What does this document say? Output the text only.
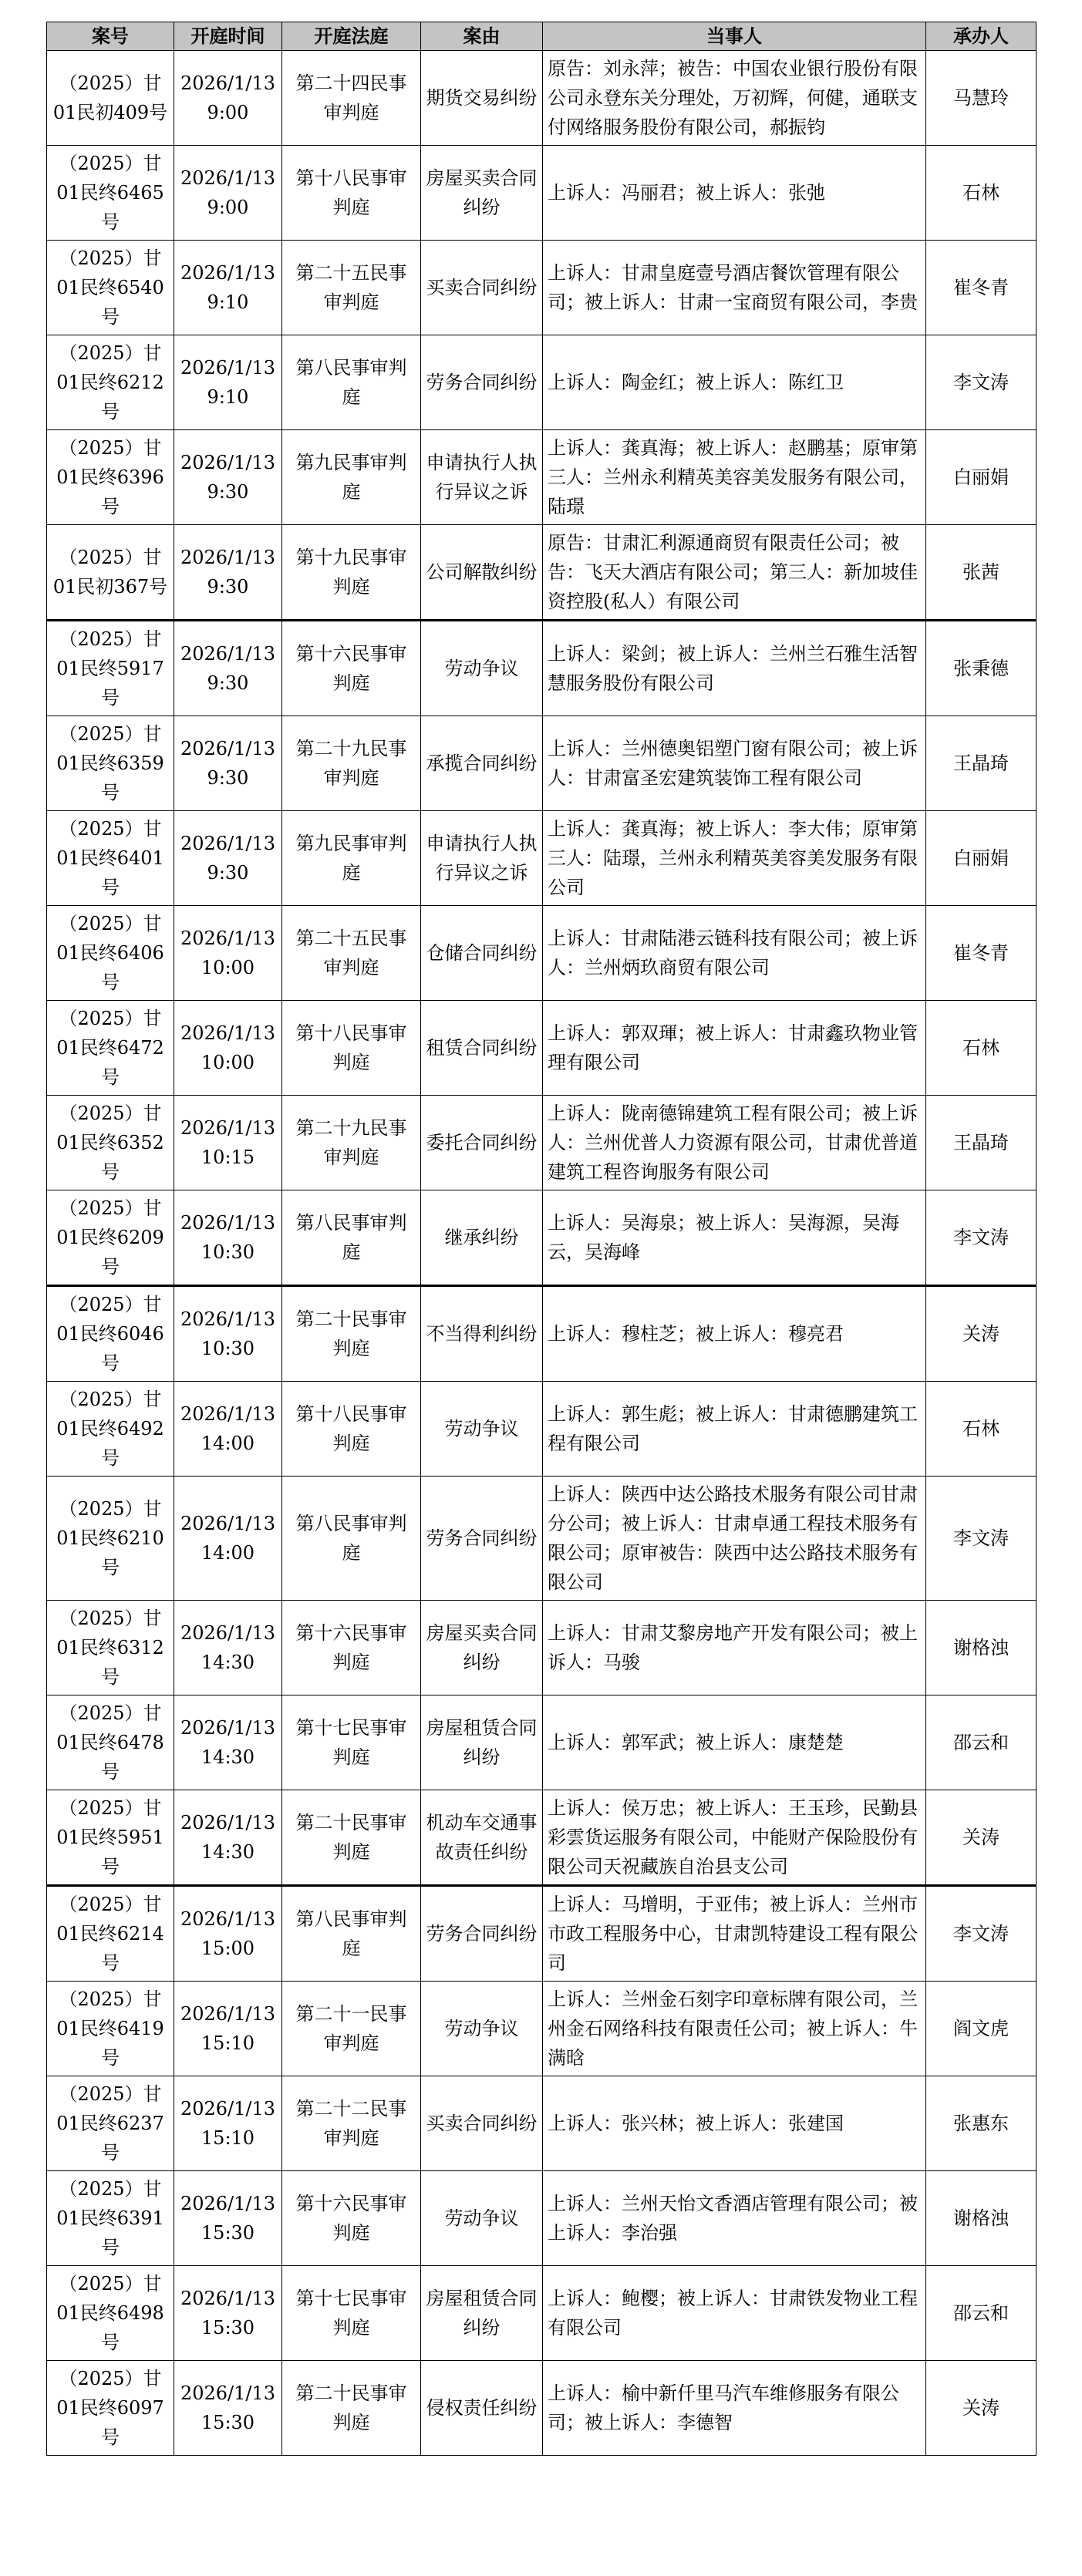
案号	开庭时间	开庭法庭	案由	当事人	承办人
（2025）甘01民初409号	2026/1/13 9:00	第二十四民事审判庭	期货交易纠纷	原告：刘永萍；被告：中国农业银行股份有限公司永登东关分理处，万初辉，何健，通联支付网络服务股份有限公司，郝振钧	马慧玲
（2025）甘01民终6465号	2026/1/13 9:00	第十八民事审判庭	房屋买卖合同纠纷	上诉人：冯丽君；被上诉人：张弛	石林
（2025）甘01民终6540号	2026/1/13 9:10	第二十五民事审判庭	买卖合同纠纷	上诉人：甘肃皇庭壹号酒店餐饮管理有限公司；被上诉人：甘肃一宝商贸有限公司，李贵	崔冬青
（2025）甘01民终6212号	2026/1/13 9:10	第八民事审判庭	劳务合同纠纷	上诉人：陶金红；被上诉人：陈红卫	李文涛
（2025）甘01民终6396号	2026/1/13 9:30	第九民事审判庭	申请执行人执行异议之诉	上诉人：龚真海；被上诉人：赵鹏基；原审第三人：兰州永利精英美容美发服务有限公司，陆璟	白丽娟
（2025）甘01民初367号	2026/1/13 9:30	第十九民事审判庭	公司解散纠纷	原告：甘肃汇利源通商贸有限责任公司；被告：飞天大酒店有限公司；第三人：新加坡佳资控股(私人）有限公司	张茜
（2025）甘01民终5917号	2026/1/13 9:30	第十六民事审判庭	劳动争议	上诉人：梁剑；被上诉人：兰州兰石雅生活智慧服务股份有限公司	张秉德
（2025）甘01民终6359号	2026/1/13 9:30	第二十九民事审判庭	承揽合同纠纷	上诉人：兰州德奥铝塑门窗有限公司；被上诉人：甘肃富圣宏建筑装饰工程有限公司	王晶琦
（2025）甘01民终6401号	2026/1/13 9:30	第九民事审判庭	申请执行人执行异议之诉	上诉人：龚真海；被上诉人：李大伟；原审第三人：陆璟，兰州永利精英美容美发服务有限公司	白丽娟
（2025）甘01民终6406号	2026/1/13 10:00	第二十五民事审判庭	仓储合同纠纷	上诉人：甘肃陆港云链科技有限公司；被上诉人：兰州炳玖商贸有限公司	崔冬青
（2025）甘01民终6472号	2026/1/13 10:00	第十八民事审判庭	租赁合同纠纷	上诉人：郭双琿；被上诉人：甘肃鑫玖物业管理有限公司	石林
（2025）甘01民终6352号	2026/1/13 10:15	第二十九民事审判庭	委托合同纠纷	上诉人：陇南德锦建筑工程有限公司；被上诉人：兰州优普人力资源有限公司，甘肃优普道建筑工程咨询服务有限公司	王晶琦
（2025）甘01民终6209号	2026/1/13 10:30	第八民事审判庭	继承纠纷	上诉人：吴海泉；被上诉人：吴海源，吴海云，吴海峰	李文涛
（2025）甘01民终6046号	2026/1/13 10:30	第二十民事审判庭	不当得利纠纷	上诉人：穆柱芝；被上诉人：穆亮君	关涛
（2025）甘01民终6492号	2026/1/13 14:00	第十八民事审判庭	劳动争议	上诉人：郭生彪；被上诉人：甘肃德鹏建筑工程有限公司	石林
（2025）甘01民终6210号	2026/1/13 14:00	第八民事审判庭	劳务合同纠纷	上诉人：陕西中达公路技术服务有限公司甘肃分公司；被上诉人：甘肃卓通工程技术服务有限公司；原审被告：陕西中达公路技术服务有限公司	李文涛
（2025）甘01民终6312号	2026/1/13 14:30	第十六民事审判庭	房屋买卖合同纠纷	上诉人：甘肃艾黎房地产开发有限公司；被上诉人：马骏	谢格浊
（2025）甘01民终6478号	2026/1/13 14:30	第十七民事审判庭	房屋租赁合同纠纷	上诉人：郭军武；被上诉人：康楚楚	邵云和
（2025）甘01民终5951号	2026/1/13 14:30	第二十民事审判庭	机动车交通事故责任纠纷	上诉人：侯万忠；被上诉人：王玉珍，民勤县彩雲货运服务有限公司，中能财产保险股份有限公司天祝藏族自治县支公司	关涛
（2025）甘01民终6214号	2026/1/13 15:00	第八民事审判庭	劳务合同纠纷	上诉人：马增明，于亚伟；被上诉人：兰州市市政工程服务中心，甘肃凯特建设工程有限公司	李文涛
（2025）甘01民终6419号	2026/1/13 15:10	第二十一民事审判庭	劳动争议	上诉人：兰州金石刻字印章标牌有限公司，兰州金石网络科技有限责任公司；被上诉人：牛满晗	阎文虎
（2025）甘01民终6237号	2026/1/13 15:10	第二十二民事审判庭	买卖合同纠纷	上诉人：张兴林；被上诉人：张建国	张惠东
（2025）甘01民终6391号	2026/1/13 15:30	第十六民事审判庭	劳动争议	上诉人：兰州天怡文香酒店管理有限公司；被上诉人：李治强	谢格浊
（2025）甘01民终6498号	2026/1/13 15:30	第十七民事审判庭	房屋租赁合同纠纷	上诉人：鲍樱；被上诉人：甘肃铁发物业工程有限公司	邵云和
（2025）甘01民终6097号	2026/1/13 15:30	第二十民事审判庭	侵权责任纠纷	上诉人：榆中新仟里马汽车维修服务有限公司；被上诉人：李德智	关涛
